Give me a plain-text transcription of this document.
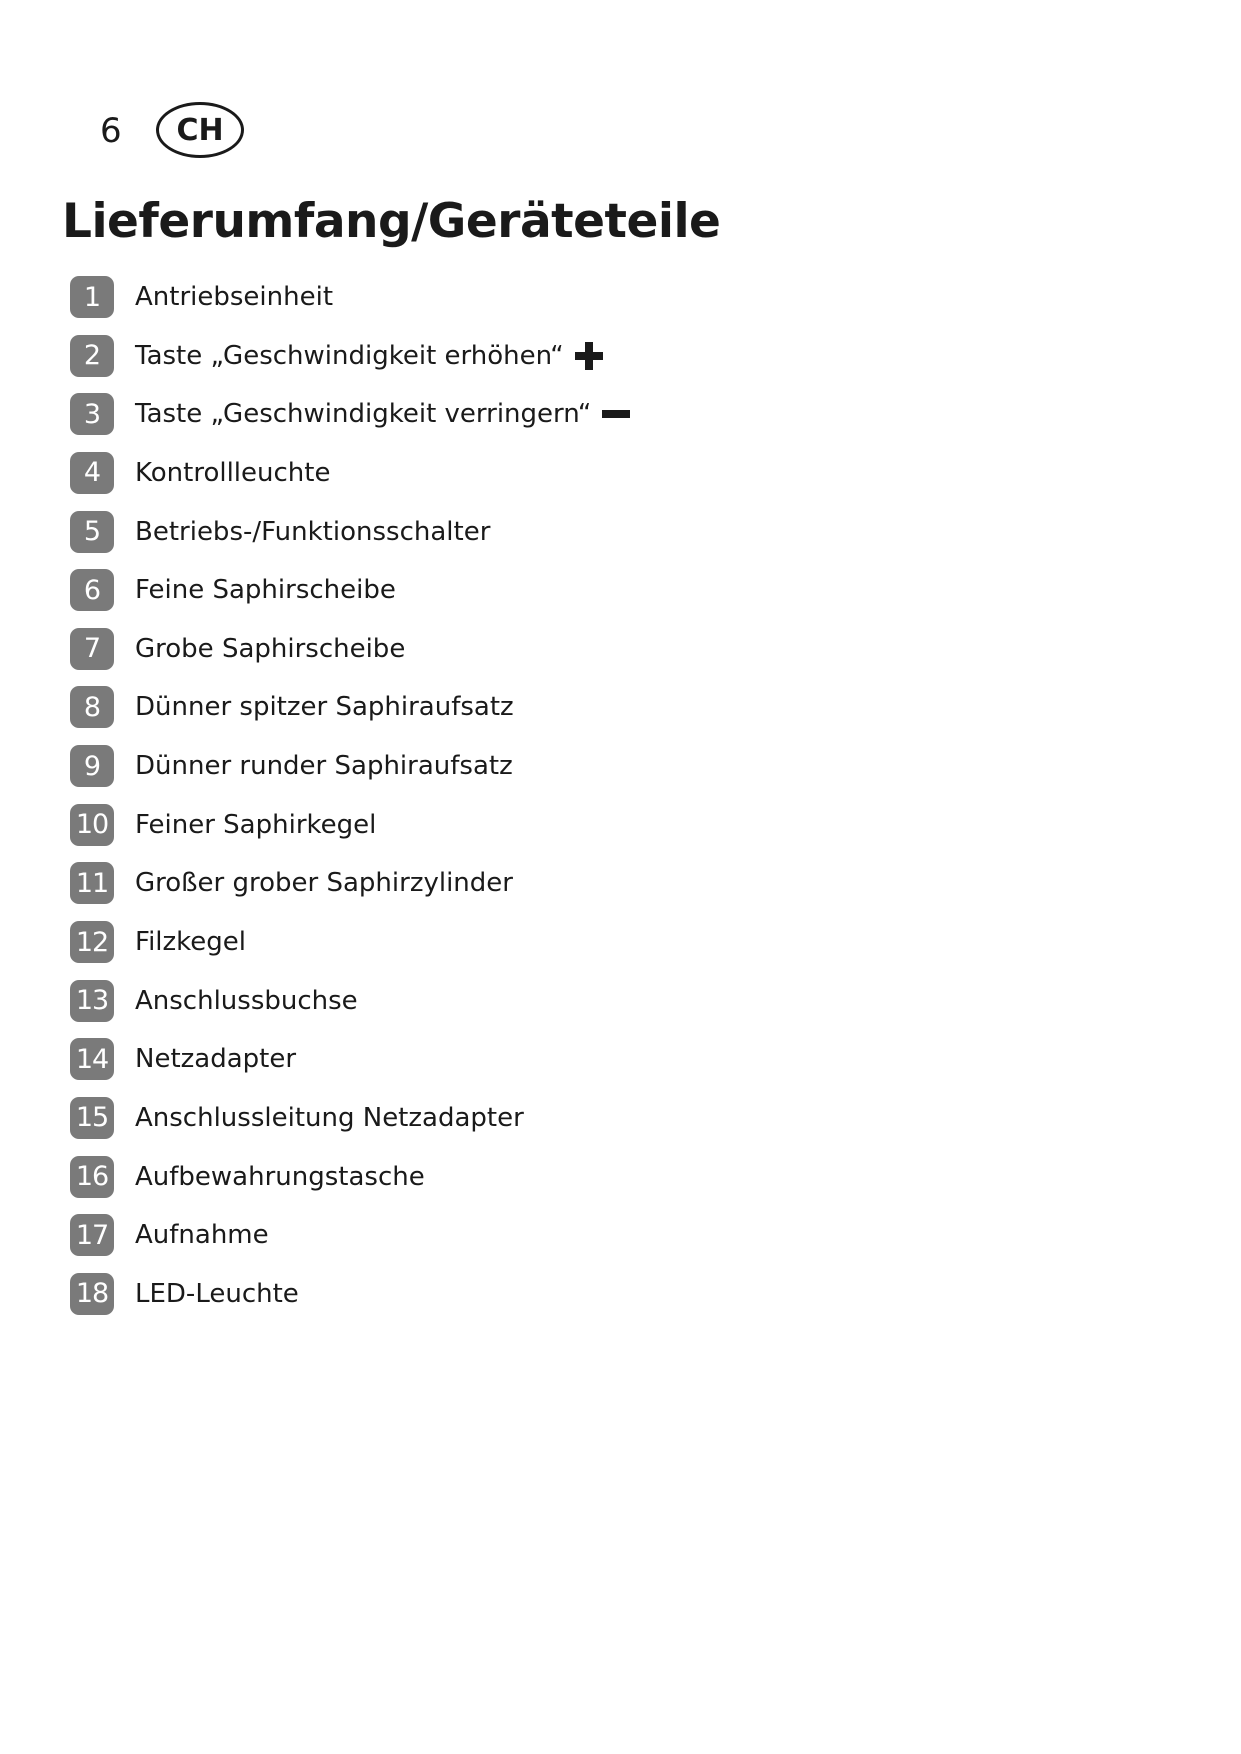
6	CH
Lieferumfang/Geräteteile
1	Antriebseinheit
2	Taste „Geschwindigkeit erhöhen“
3	Taste „Geschwindigkeit verringern“
4	Kontrollleuchte
5	Betriebs-/Funktionsschalter
6	Feine Saphirscheibe
7	Grobe Saphirscheibe
8	Dünner spitzer Saphiraufsatz
9	Dünner runder Saphiraufsatz
10 Feiner Saphirkegel
11 Großer grober Saphirzylinder
12 Filzkegel
13 Anschlussbuchse
14 Netzadapter
15 Anschlussleitung Netzadapter
16 Aufbewahrungstasche
17 Aufnahme
18 LED-Leuchte
